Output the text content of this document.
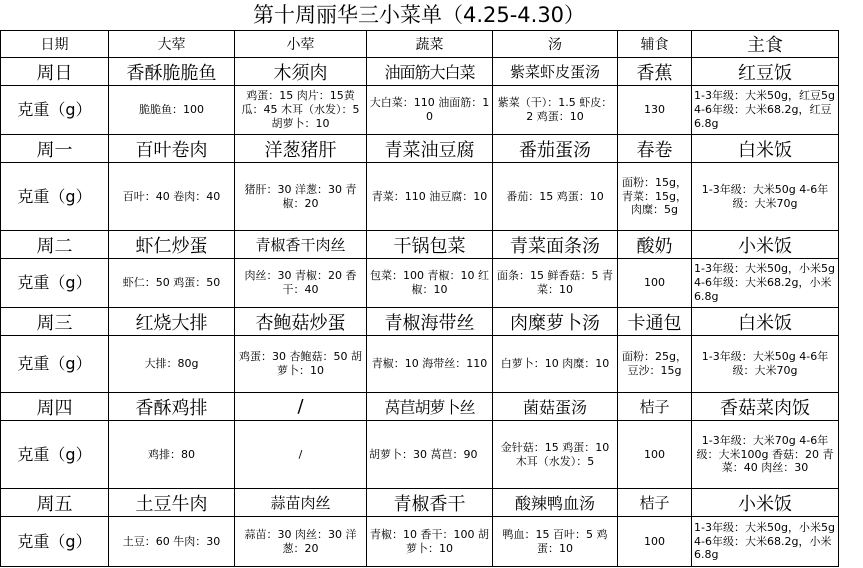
第十周丽华三小菜单（4.25-4.30）
日期	大荤	小荤	蔬菜	汤	辅食	主食
周日	香酥脆脆鱼	木须肉	油面筋大白菜	紫菜虾皮蛋汤	香蕉	红豆饭
克重（g）	脆脆鱼：100	鸡蛋：15 肉片：15黄瓜：45 木耳（水发）：5 胡萝卜：10	大白菜：110 油面筋：10	紫菜（干）：1.5 虾皮：2 鸡蛋：10	130	1-3年级：大米50g，红豆5g 4-6年级：大米68.2g，红豆6.8g
周一	百叶卷肉	洋葱猪肝	青菜油豆腐	番茄蛋汤	春卷	白米饭
克重（g）	百叶：40 卷肉：40	猪肝：30 洋葱：30 青椒：20	青菜：110 油豆腐：10	番茄：15 鸡蛋：10	面粉：15g，青菜：15g，肉糜：5g	1-3年级：大米50g 4-6年级：大米70g
周二	虾仁炒蛋	青椒香干肉丝	干锅包菜	青菜面条汤	酸奶	小米饭
克重（g）	虾仁：50 鸡蛋：50	肉丝：30 青椒：20 香干：40	包菜：100 青椒：10 红椒：10	面条：15 鲜香菇：5 青菜：10	100	1-3年级：大米50g，小米5g 4-6年级：大米68.2g，小米6.8g
周三	红烧大排	杏鲍菇炒蛋	青椒海带丝	肉糜萝卜汤	卡通包	白米饭
克重（g）	大排：80g	鸡蛋：30 杏鲍菇：50 胡萝卜：10	青椒：10 海带丝：110	白萝卜：10 肉糜：10	面粉：25g，豆沙：15g	1-3年级：大米50g 4-6年级：大米70g
周四	香酥鸡排	/	莴苣胡萝卜丝	菌菇蛋汤	桔子	香菇菜肉饭
克重（g）	鸡排：80	/	胡萝卜：30 莴苣：90	金针菇：15 鸡蛋：10 木耳（水发）：5	100	1-3年级：大米70g 4-6年级：大米100g 香菇：20 青菜：40 肉丝：30
周五	土豆牛肉	蒜苗肉丝	青椒香干	酸辣鸭血汤	桔子	小米饭
克重（g）	土豆：60 牛肉：30	蒜苗：30 肉丝：30 洋葱：20	青椒：10 香干：100 胡萝卜：10	鸭血：15 百叶：5 鸡蛋：10	100	1-3年级：大米50g，小米5g 4-6年级：大米68.2g，小米6.8g
